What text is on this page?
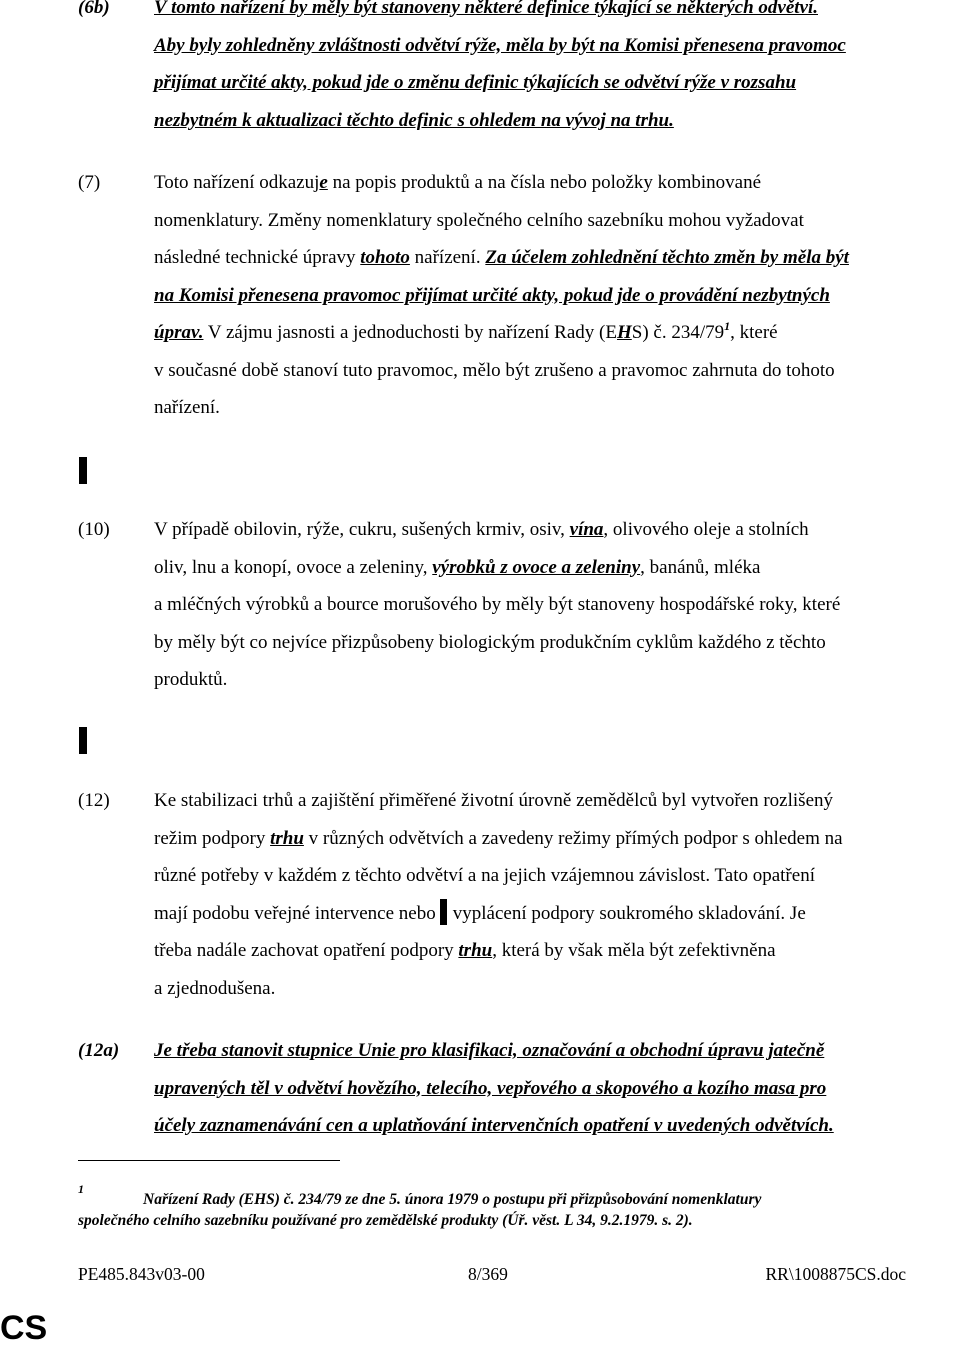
(6b)	V tomto nařízení by měly být stanoveny některé definice týkající se některých odvětví.
Aby byly zohledněny zvláštnosti odvětví rýže, měla by být na Komisi přenesena pravomoc
přijímat určité akty, pokud jde o změnu definic týkajících se odvětví rýže v rozsahu
nezbytném k aktualizaci těchto definic s ohledem na vývoj na trhu.
(7)	Toto nařízení odkazuje na popis produktů a na čísla nebo položky kombinované
nomenklatury. Změny nomenklatury společného celního sazebníku mohou vyžadovat
následné technické úpravy tohoto nařízení. Za účelem zohlednění těchto změn by měla být
na Komisi přenesena pravomoc přijímat určité akty, pokud jde o provádění nezbytných
úprav. V zájmu jasnosti a jednoduchosti by nařízení Rady (EHS) č. $234/79^1$, které
v současné době stanoví tuto pravomoc, mělo být zrušeno a pravomoc zahrnuta do tohoto
nařízení.
(10)	V případě obilovin, rýže, cukru, sušených krmiv, osiv, vína, olivového oleje a stolních
oliv, lnu a konopí, ovoce a zeleniny, výrobků z ovoce a zeleniny, banánů, mléka
a mléčných výrobků a bource morušového by měly být stanoveny hospodářské roky, které
by měly být co nejvíce přizpůsobeny biologickým produkčním cyklům každého z těchto
produktů.
(12)	Ke stabilizaci trhů a zajištění přiměřené životní úrovně zemědělců byl vytvořen rozlišený
režim podpory trhu v různých odvětvích a zavedeny režimy přímých podpor s ohledem na
různé potřeby v každém z těchto odvětví a na jejich vzájemnou závislost. Tato opatření
mají podobu veřejné intervence nebo vyplácení podpory soukromého skladování. Je
třeba nadále zachovat opatření podpory trhu, která by však měla být zefektivněna
a zjednodušena.
(12a)	Je třeba stanovit stupnice Unie pro klasifikaci, označování a obchodní úpravu jatečně
upravených těl v odvětví hovězího, telecího, vepřového a skopového a kozího masa pro
účely zaznamenávání cen a uplatňování intervenčních opatření v uvedených odvětvích.
1
Nařízení Rady (EHS) č. 234/79 ze dne 5. února 1979 o postupu při přizpůsobování nomenklatury
společného celního sazebníku používané pro zemědělské produkty (Úř. věst. L 34, 9.2.1979. s. 2).
PE485.843v03-00	8/369	RR\1008875CS.doc
CS
